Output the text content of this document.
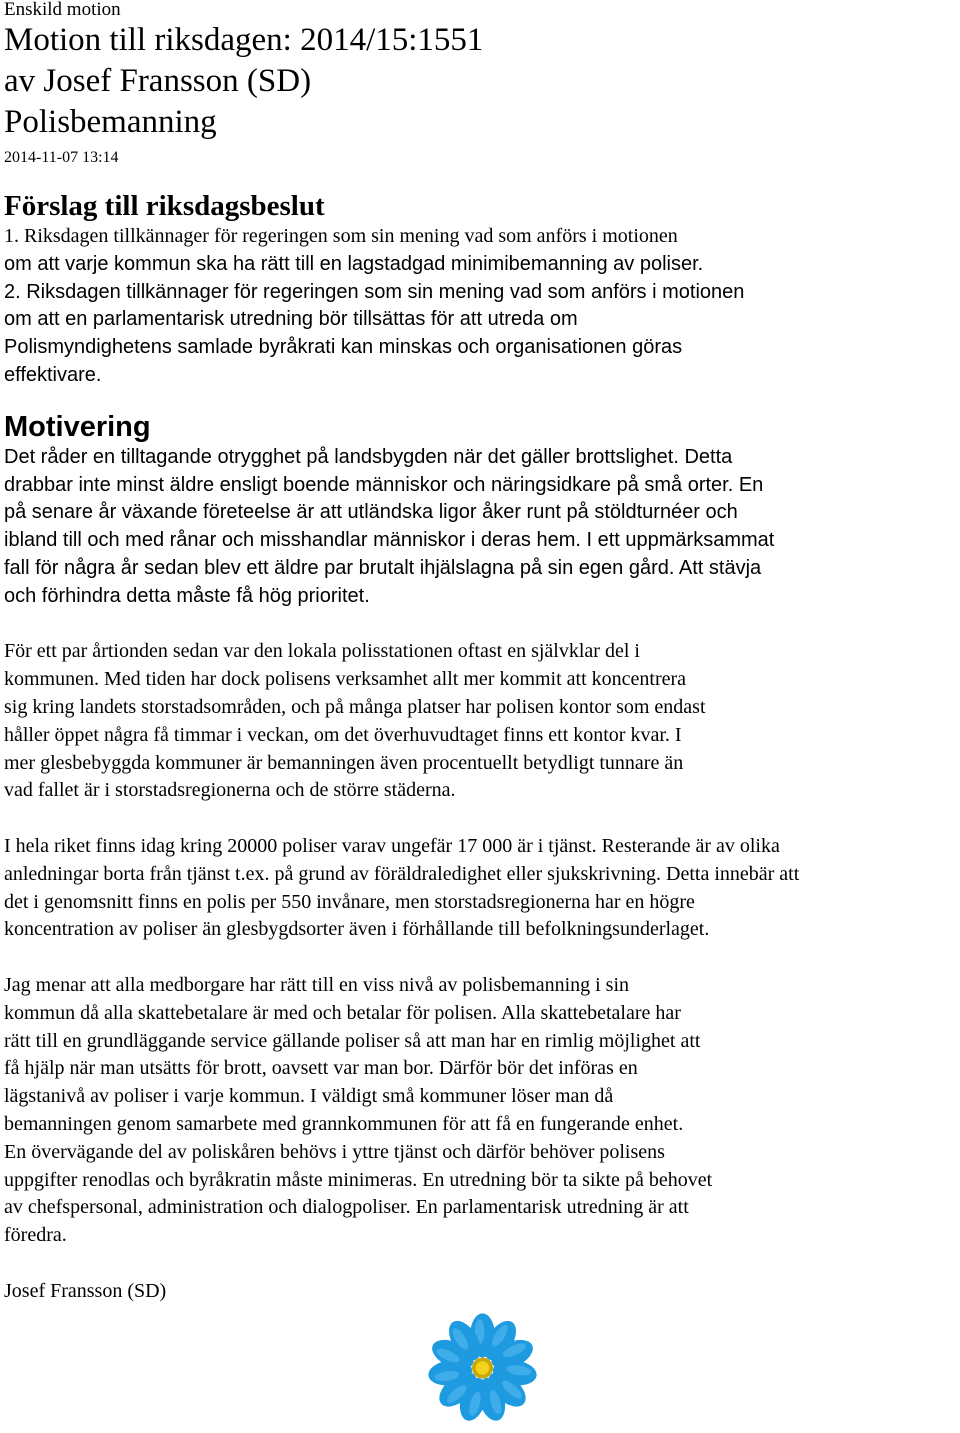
Enskild motion

Motion till riksdagen: 2014/15:1551

av Josef Fransson (SD)

Polisbemanning

2014-11-07 13:14

Förslag till riksdagsbeslut

1. Riksdagen tillkännager för regeringen som sin mening vad som anförs i motionen

om att varje kommun ska ha rätt till en lagstadgad minimibemanning av poliser.

2. Riksdagen tillkännager för regeringen som sin mening vad som anförs i motionen

om att en parlamentarisk utredning bör tillsättas för att utreda om

Polismyndighetens samlade byråkrati kan minskas och organisationen göras

effektivare.

Motivering

Det råder en tilltagande otrygghet på landsbygden när det gäller brottslighet. Detta
drabbar inte minst äldre ensligt boende människor och näringsidkare på små orter. En
på senare år växande företeelse är att utländska ligor åker runt på stöldturnéer och
ibland till och med rånar och misshandlar människor i deras hem. I ett uppmärksammat
fall för några år sedan blev ett äldre par brutalt ihjälslagna på sin egen gård. Att stävja
och förhindra detta måste få hög prioritet.

För ett par årtionden sedan var den lokala polisstationen oftast en självklar del i
kommunen. Med tiden har dock polisens verksamhet allt mer kommit att koncentrera
sig kring landets storstadsområden, och på många platser har polisen kontor som endast
håller öppet några få timmar i veckan, om det överhuvudtaget finns ett kontor kvar. I
mer glesbebyggda kommuner är bemanningen även procentuellt betydligt tunnare än
vad fallet är i storstadsregionerna och de större städerna.

I hela riket finns idag kring 20000 poliser varav ungefär 17 000 är i tjänst. Resterande är av olika
anledningar borta från tjänst t.ex. på grund av föräldraledighet eller sjukskrivning. Detta innebär att
det i genomsnitt finns en polis per 550 invånare, men storstadsregionerna har en högre
koncentration av poliser än glesbygdsorter även i förhållande till befolkningsunderlaget.

Jag menar att alla medborgare har rätt till en viss nivå av polisbemanning i sin
kommun då alla skattebetalare är med och betalar för polisen. Alla skattebetalare har
rätt till en grundläggande service gällande poliser så att man har en rimlig möjlighet att
få hjälp när man utsätts för brott, oavsett var man bor. Därför bör det införas en
lägstanivå av poliser i varje kommun. I väldigt små kommuner löser man då
bemanningen genom samarbete med grannkommunen för att få en fungerande enhet.
En övervägande del av poliskåren behövs i yttre tjänst och därför behöver polisens
uppgifter renodlas och byråkratin måste minimeras. En utredning bör ta sikte på behovet
av chefspersonal, administration och dialogpoliser. En parlamentarisk utredning är att
föredra.

Josef Fransson (SD)
